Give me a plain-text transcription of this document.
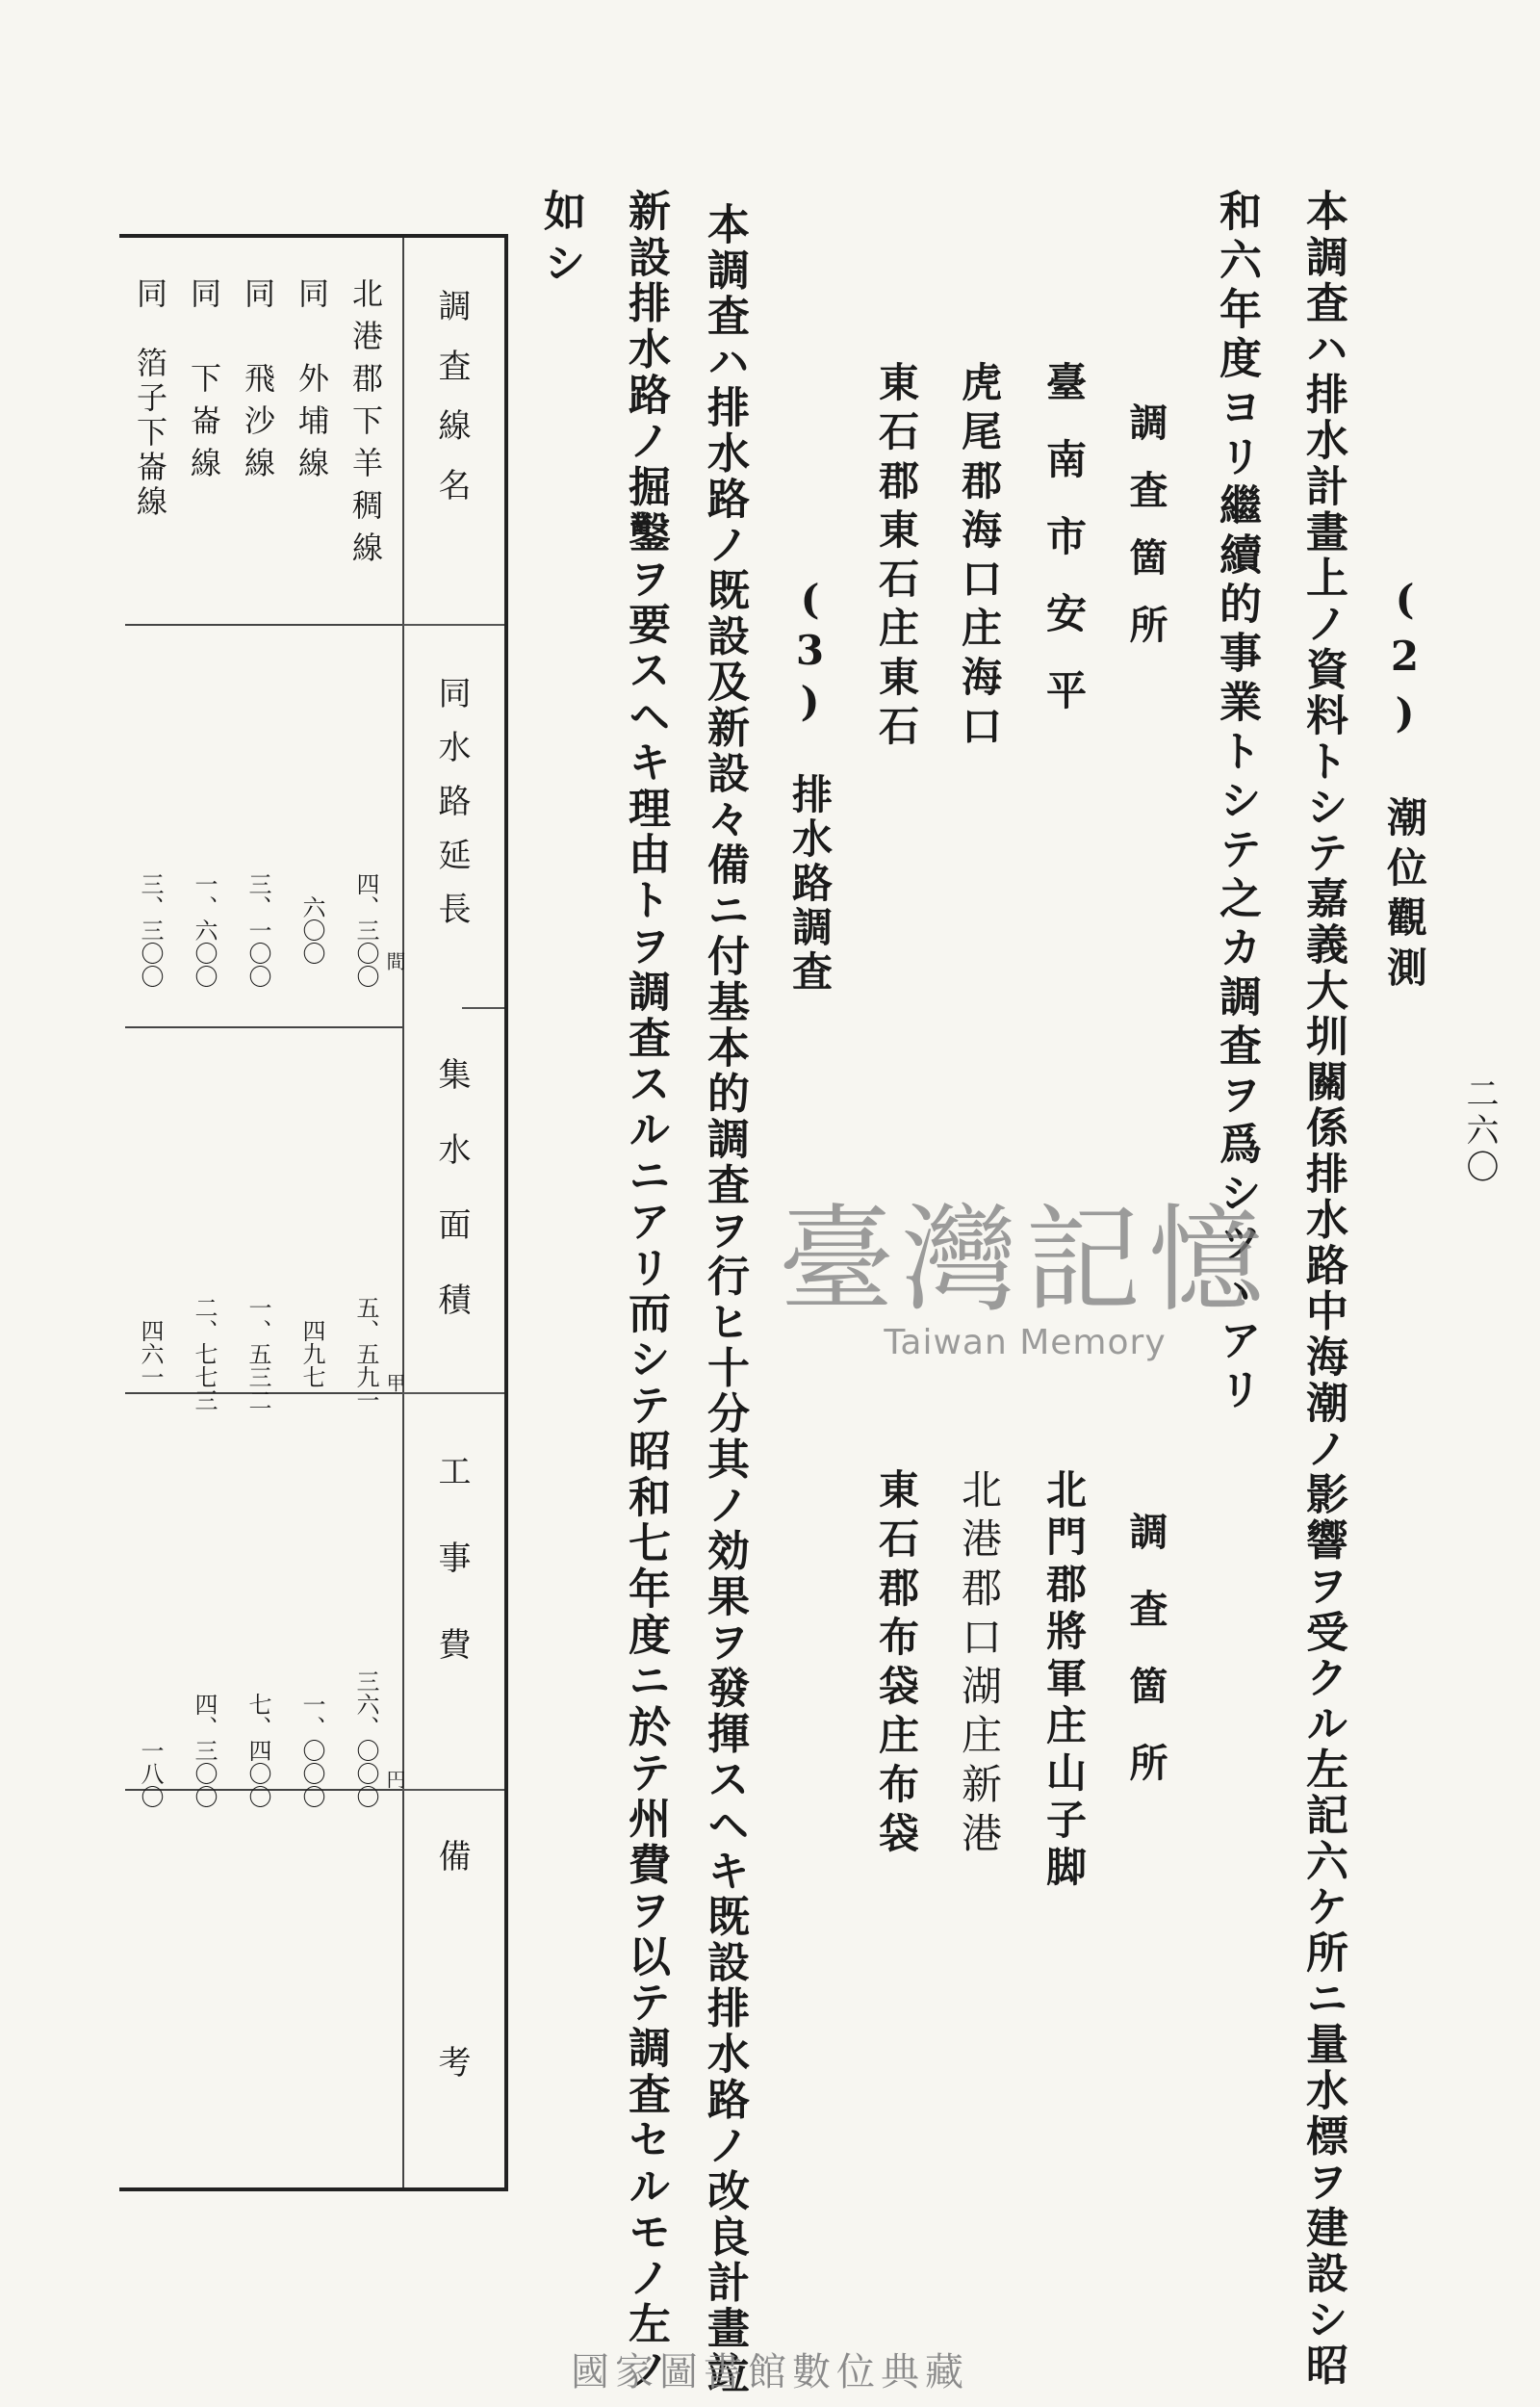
二六〇
(2)　潮位觀測
本調査ハ排水計畫上ノ資料トシテ嘉義大圳關係排水路中海潮ノ影響ヲ受クル左記六ケ所ニ量水標ヲ建設シ昭
和六年度ヨリ繼續的事業トシテ之カ調査ヲ爲シツヽアリ
調査箇所
調査箇所
臺南市安平
虎尾郡海口庄海口
東石郡東石庄東石
北門郡將軍庄山子脚
北港郡口湖庄新港
東石郡布袋庄布袋
(3)　排水路調査
本調査ハ排水路ノ既設及新設々備ニ付基本的調査ヲ行ヒ十分其ノ効果ヲ發揮スヘキ既設排水路ノ改良計畫竝
新設排水路ノ掘鑿ヲ要スヘキ理由トヲ調査スルニアリ而シテ昭和七年度ニ於テ州費ヲ以テ調査セルモノ左ノ
如シ
調査線名
同水路延長
集水面積
工事費
備考
間
甲
円
北港郡下羊稠線
同　外埔線
同　飛沙線
同　下崙線
同　箔子下崙線
四、三〇〇
六〇〇
三、一〇〇
一、六〇〇
三、三〇〇
五、五九一
四九七
一、五三二
二、七七三
四六一
三六、〇〇〇
一、〇〇〇
七、四〇〇
四、三〇〇
一八〇
臺灣記憶
Taiwan Memory
國家圖書館數位典藏
